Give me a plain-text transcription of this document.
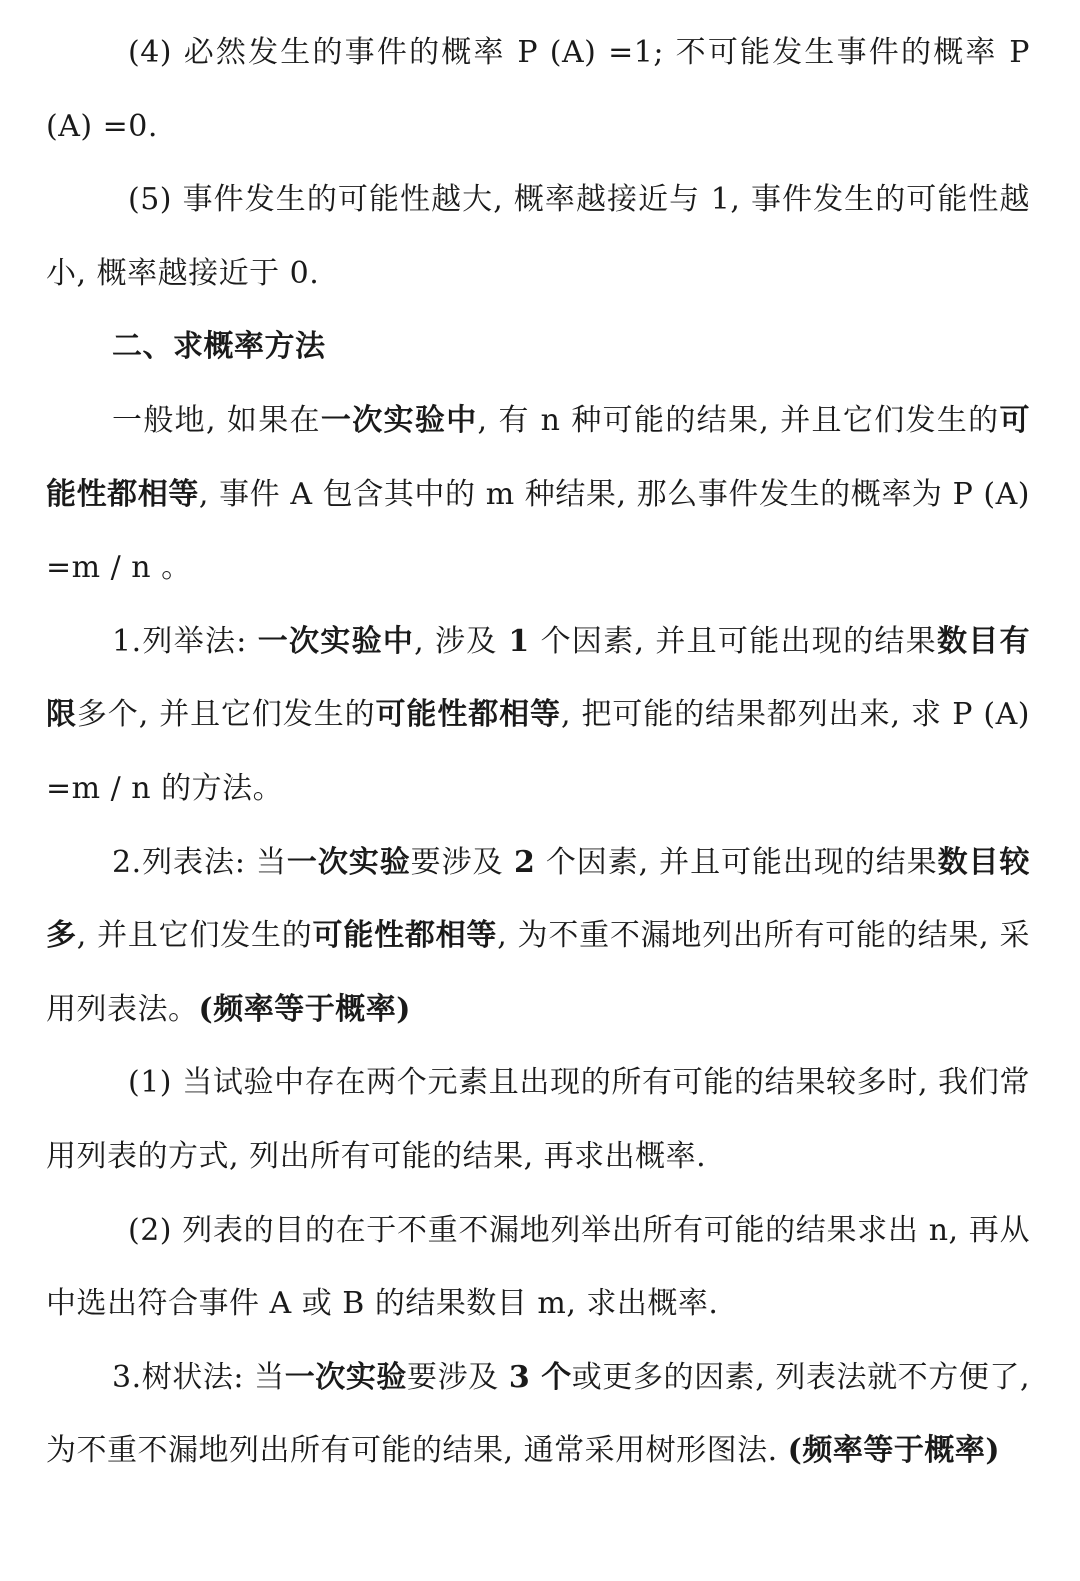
(4) 必然发生的事件的概率 P (A) =1; 不可能发生事件的概率 P (A) =0.

(5) 事件发生的可能性越大, 概率越接近与 1, 事件发生的可能性越小, 概率越接近于 0.

二、求概率方法

一般地, 如果在一次实验中, 有 n 种可能的结果, 并且它们发生的可能性都相等, 事件 A 包含其中的 m 种结果, 那么事件发生的概率为 P (A) =m / n 。

1.列举法: 一次实验中, 涉及 1 个因素, 并且可能出现的结果数目有限多个, 并且它们发生的可能性都相等, 把可能的结果都列出来, 求 P (A) =m / n 的方法。

2.列表法: 当一次实验要涉及 2 个因素, 并且可能出现的结果数目较多, 并且它们发生的可能性都相等, 为不重不漏地列出所有可能的结果, 采用列表法。(频率等于概率)

(1) 当试验中存在两个元素且出现的所有可能的结果较多时, 我们常用列表的方式, 列出所有可能的结果, 再求出概率.

(2) 列表的目的在于不重不漏地列举出所有可能的结果求出 n, 再从中选出符合事件 A 或 B 的结果数目 m, 求出概率.

3.树状法: 当一次实验要涉及 3 个或更多的因素, 列表法就不方便了, 为不重不漏地列出所有可能的结果, 通常采用树形图法. (频率等于概率)
